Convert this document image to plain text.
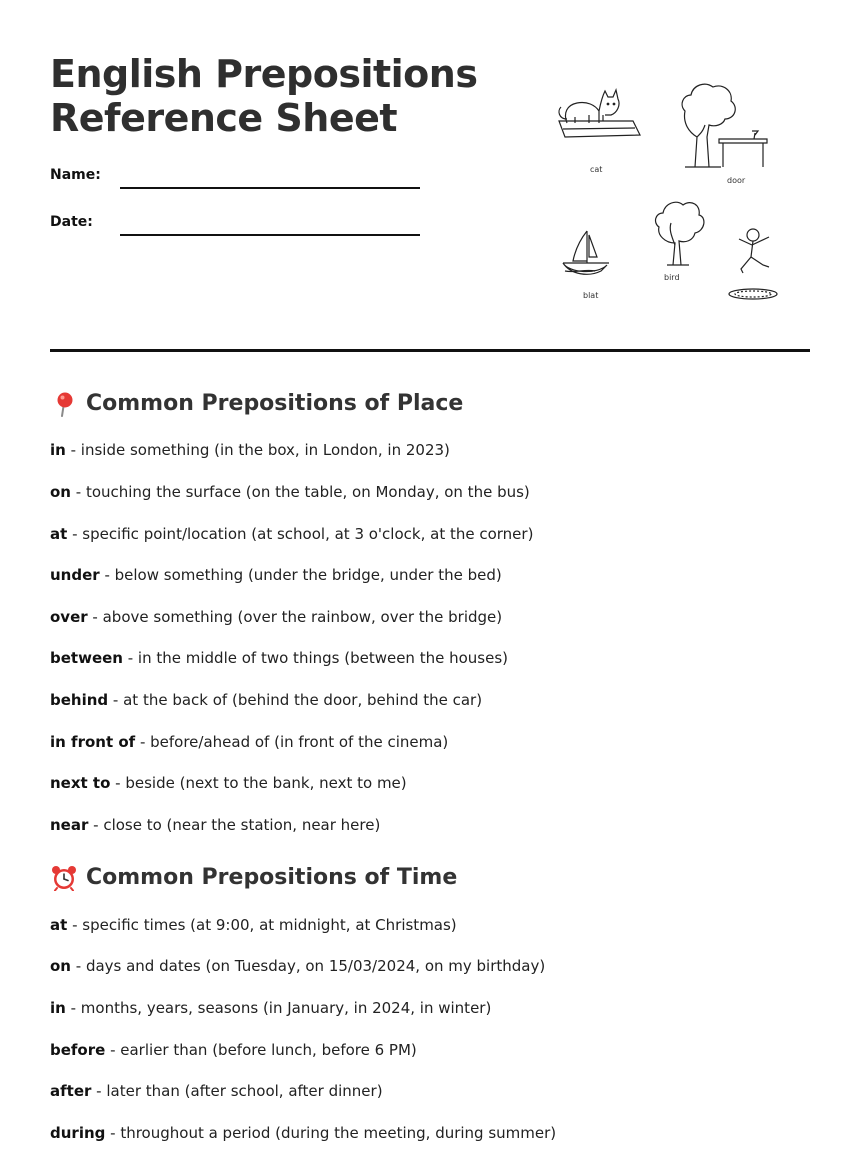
English Prepositions
Reference Sheet
Name:
Date:
cat
door
blat
bird
Common Prepositions of Place
in - inside something (in the box, in London, in 2023)
on - touching the surface (on the table, on Monday, on the bus)
at - specific point/location (at school, at 3 o'clock, at the corner)
under - below something (under the bridge, under the bed)
over - above something (over the rainbow, over the bridge)
between - in the middle of two things (between the houses)
behind - at the back of (behind the door, behind the car)
in front of - before/ahead of (in front of the cinema)
next to - beside (next to the bank, next to me)
near - close to (near the station, near here)
Common Prepositions of Time
at - specific times (at 9:00, at midnight, at Christmas)
on - days and dates (on Tuesday, on 15/03/2024, on my birthday)
in - months, years, seasons (in January, in 2024, in winter)
before - earlier than (before lunch, before 6 PM)
after - later than (after school, after dinner)
during - throughout a period (during the meeting, during summer)
